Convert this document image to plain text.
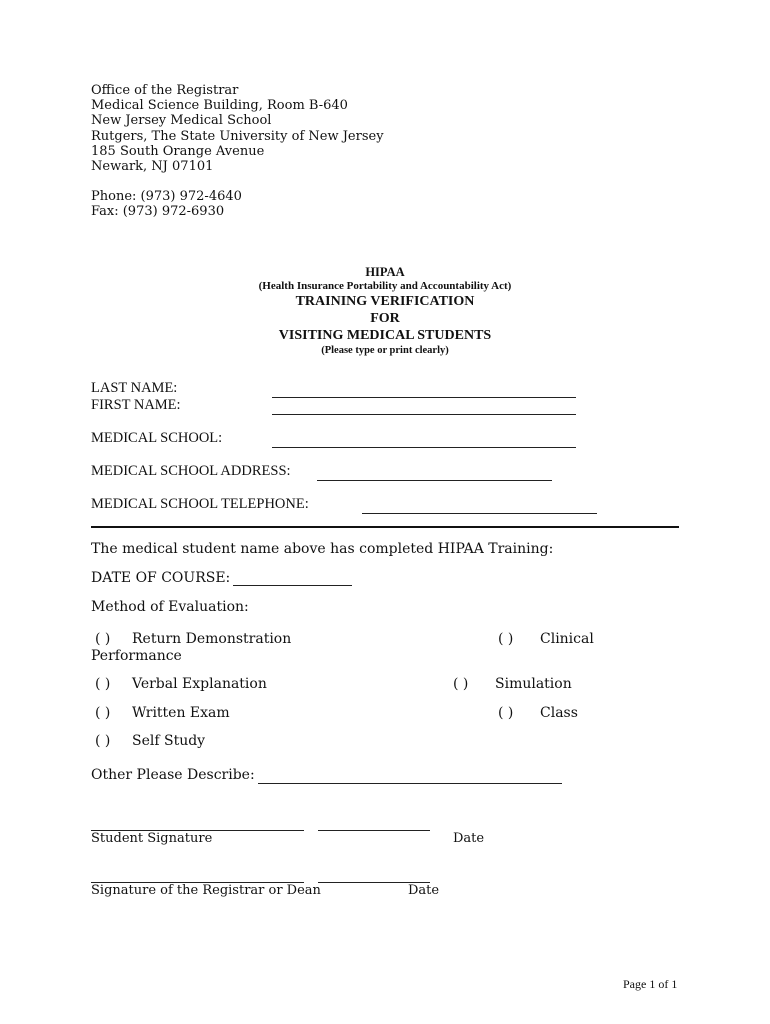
Office of the Registrar
Medical Science Building, Room B-640
New Jersey Medical School
Rutgers, The State University of New Jersey
185 South Orange Avenue
Newark, NJ 07101
Phone: (973) 972-4640
Fax: (973) 972-6930
HIPAA
(Health Insurance Portability and Accountability Act)
TRAINING VERIFICATION
FOR
VISITING MEDICAL STUDENTS
(Please type or print clearly)
LAST NAME:
FIRST NAME:
MEDICAL SCHOOL:
MEDICAL SCHOOL ADDRESS:
MEDICAL SCHOOL TELEPHONE:
The medical student name above has completed HIPAA Training:
DATE OF COURSE:
Method of Evaluation:
( ) Return Demonstration	( ) Clinical
Performance
( ) Verbal Explanation	( ) Simulation
( ) Written Exam	( ) Class
( ) Self Study
Other Please Describe:
Student Signature	Date
Signature of the Registrar or Dean	Date
Page 1 of 1
